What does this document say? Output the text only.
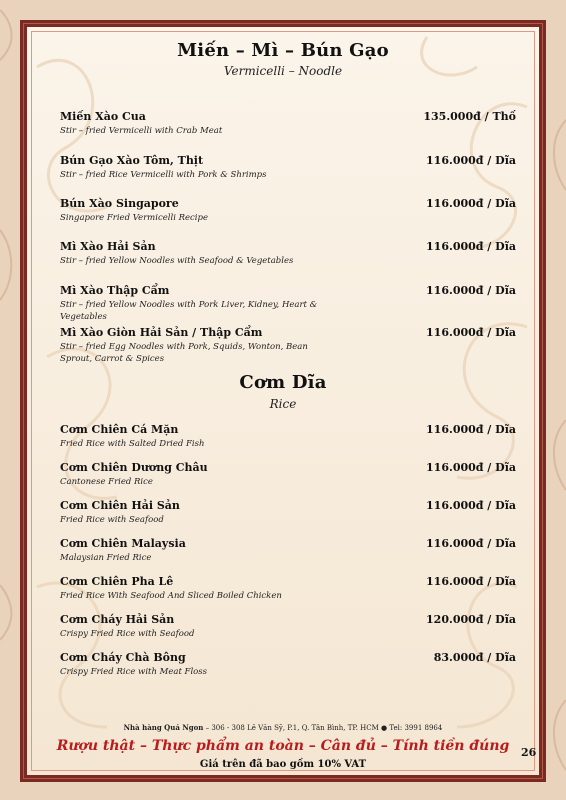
Miến – Mì – Bún Gạo
Vermicelli – Noodle
Miến Xào Cua
Stir – fried Vermicelli with Crab Meat
135.000đ / Thố
Bún Gạo Xào Tôm, Thịt
Stir – fried Rice Vermicelli with Pork & Shrimps
116.000đ / Dĩa
Bún Xào Singapore
Singapore Fried Vermicelli Recipe
116.000đ / Dĩa
Mì Xào Hải Sản
Stir – fried Yellow Noodles with Seafood & Vegetables
116.000đ / Dĩa
Mì Xào Thập Cẩm
Stir – fried Yellow Noodles with Pork Liver, Kidney, Heart & Vegetables
116.000đ / Dĩa
Mì Xào Giòn Hải Sản / Thập Cẩm
Stir – fried Egg Noodles with Pork, Squids, Wonton, Bean Sprout, Carrot & Spices
116.000đ / Dĩa
Cơm Dĩa
Rice
Cơm Chiên Cá Mặn
Fried Rice with Salted Dried Fish
116.000đ / Dĩa
Cơm Chiên Dương Châu
Cantonese Fried Rice
116.000đ / Dĩa
Cơm Chiên Hải Sản
Fried Rice with Seafood
116.000đ / Dĩa
Cơm Chiên Malaysia
Malaysian Fried Rice
116.000đ / Dĩa
Cơm Chiên Pha Lê
Fried Rice With Seafood And Sliced Boiled Chicken
116.000đ / Dĩa
Cơm Cháy Hải Sản
Crispy Fried Rice with Seafood
120.000đ / Dĩa
Cơm Cháy Chà Bông
Crispy Fried Rice with Meat Floss
83.000đ / Dĩa
Nhà hàng Quá Ngon – 306 - 308 Lê Văn Sỹ, P.1, Q. Tân Bình, TP. HCM ● Tel: 3991 8964
Rượu thật – Thực phẩm an toàn – Cân đủ – Tính tiền đúng
Giá trên đã bao gồm 10% VAT
26
